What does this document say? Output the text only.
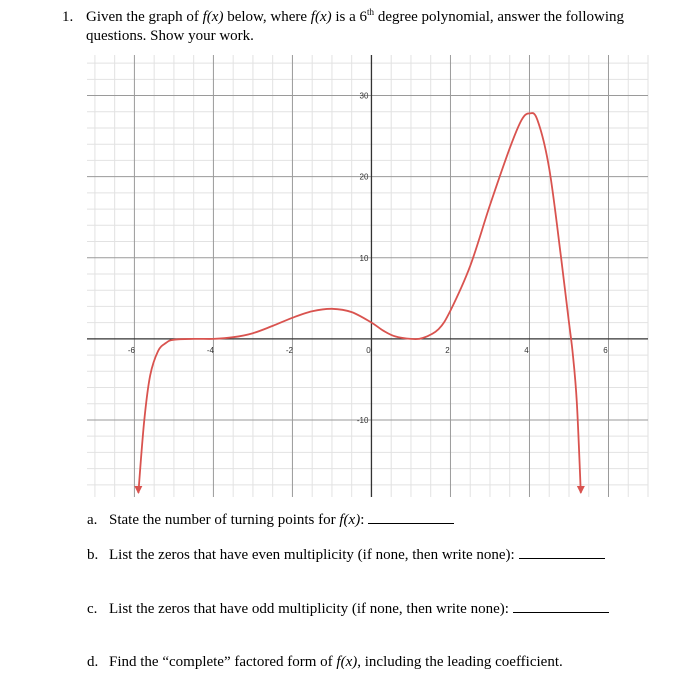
1. Given the graph of f(x) below, where f(x) is a 6th degree polynomial, answer the following questions. Show your work.
-6	-4	-2	0	2	4	6
30
20
10
-10
a. State the number of turning points for f(x):
b. List the zeros that have even multiplicity (if none, then write none):
c. List the zeros that have odd multiplicity (if none, then write none):
d. Find the “complete” factored form of f(x), including the leading coefficient.
